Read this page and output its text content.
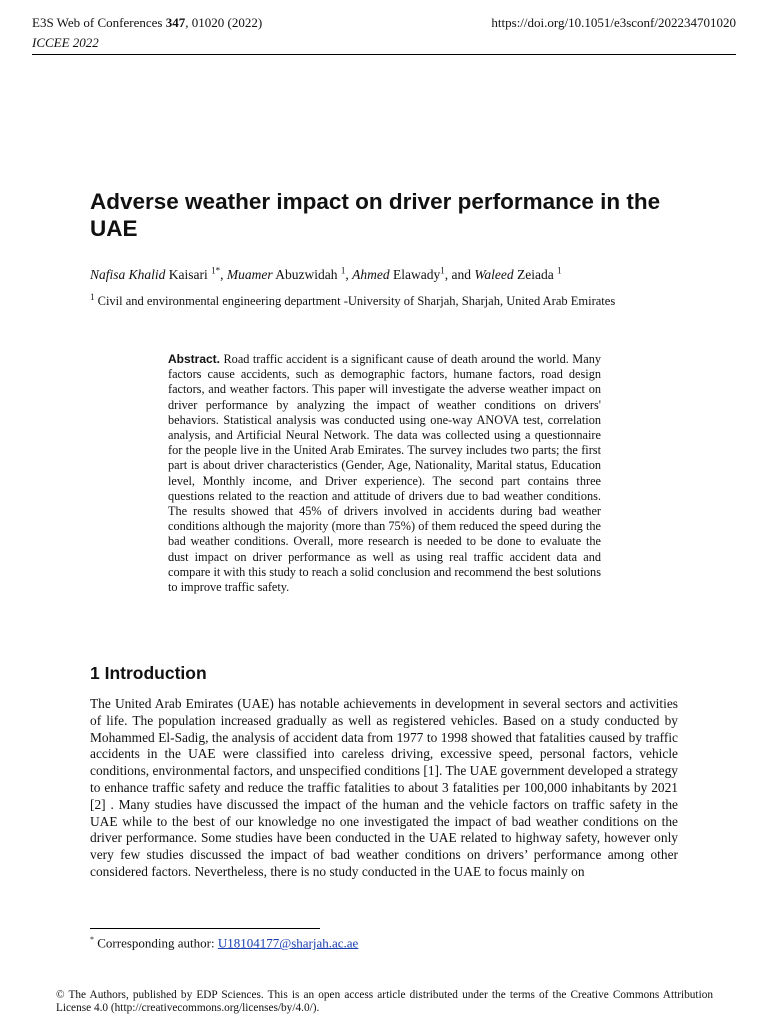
E3S Web of Conferences 347, 01020 (2022)
ICCEE 2022
https://doi.org/10.1051/e3sconf/202234701020
Adverse weather impact on driver performance in the UAE
Nafisa Khalid Kaisari $^{1*}$, Muamer Abuzwidah $^1$, Ahmed Elawady$^1$, and Waleed Zeiada $^1$
$^1$ Civil and environmental engineering department -University of Sharjah, Sharjah, United Arab Emirates
Abstract. Road traffic accident is a significant cause of death around the world. Many factors cause accidents, such as demographic factors, humane factors, road design factors, and weather factors. This paper will investigate the adverse weather impact on driver performance by analyzing the impact of weather conditions on drivers' behaviors. Statistical analysis was conducted using one-way ANOVA test, correlation analysis, and Artificial Neural Network. The data was collected using a questionnaire for the people live in the United Arab Emirates. The survey includes two parts; the first part is about driver characteristics (Gender, Age, Nationality, Marital status, Education level, Monthly income, and Driver experience). The second part contains three questions related to the reaction and attitude of drivers due to bad weather conditions. The results showed that 45% of drivers involved in accidents during bad weather conditions although the majority (more than 75%) of them reduced the speed during the bad weather conditions. Overall, more research is needed to be done to evaluate the dust impact on driver performance as well as using real traffic accident data and compare it with this study to reach a solid conclusion and recommend the best solutions to improve traffic safety.
1 Introduction
The United Arab Emirates (UAE) has notable achievements in development in several sectors and activities of life. The population increased gradually as well as registered vehicles. Based on a study conducted by Mohammed El-Sadig, the analysis of accident data from 1977 to 1998 showed that fatalities caused by traffic accidents in the UAE were classified into careless driving, excessive speed, personal factors, vehicle conditions, environmental factors, and unspecified conditions [1]. The UAE government developed a strategy to enhance traffic safety and reduce the traffic fatalities to about 3 fatalities per 100,000 inhabitants by 2021 [2] . Many studies have discussed the impact of the human and the vehicle factors on traffic safety in the UAE while to the best of our knowledge no one investigated the impact of bad weather conditions on the driver performance. Some studies have been conducted in the UAE related to highway safety, however only very few studies discussed the impact of bad weather conditions on drivers’ performance among other considered factors. Nevertheless, there is no study conducted in the UAE to focus mainly on
* Corresponding author: U18104177@sharjah.ac.ae
© The Authors, published by EDP Sciences. This is an open access article distributed under the terms of the Creative Commons Attribution License 4.0 (http://creativecommons.org/licenses/by/4.0/).
